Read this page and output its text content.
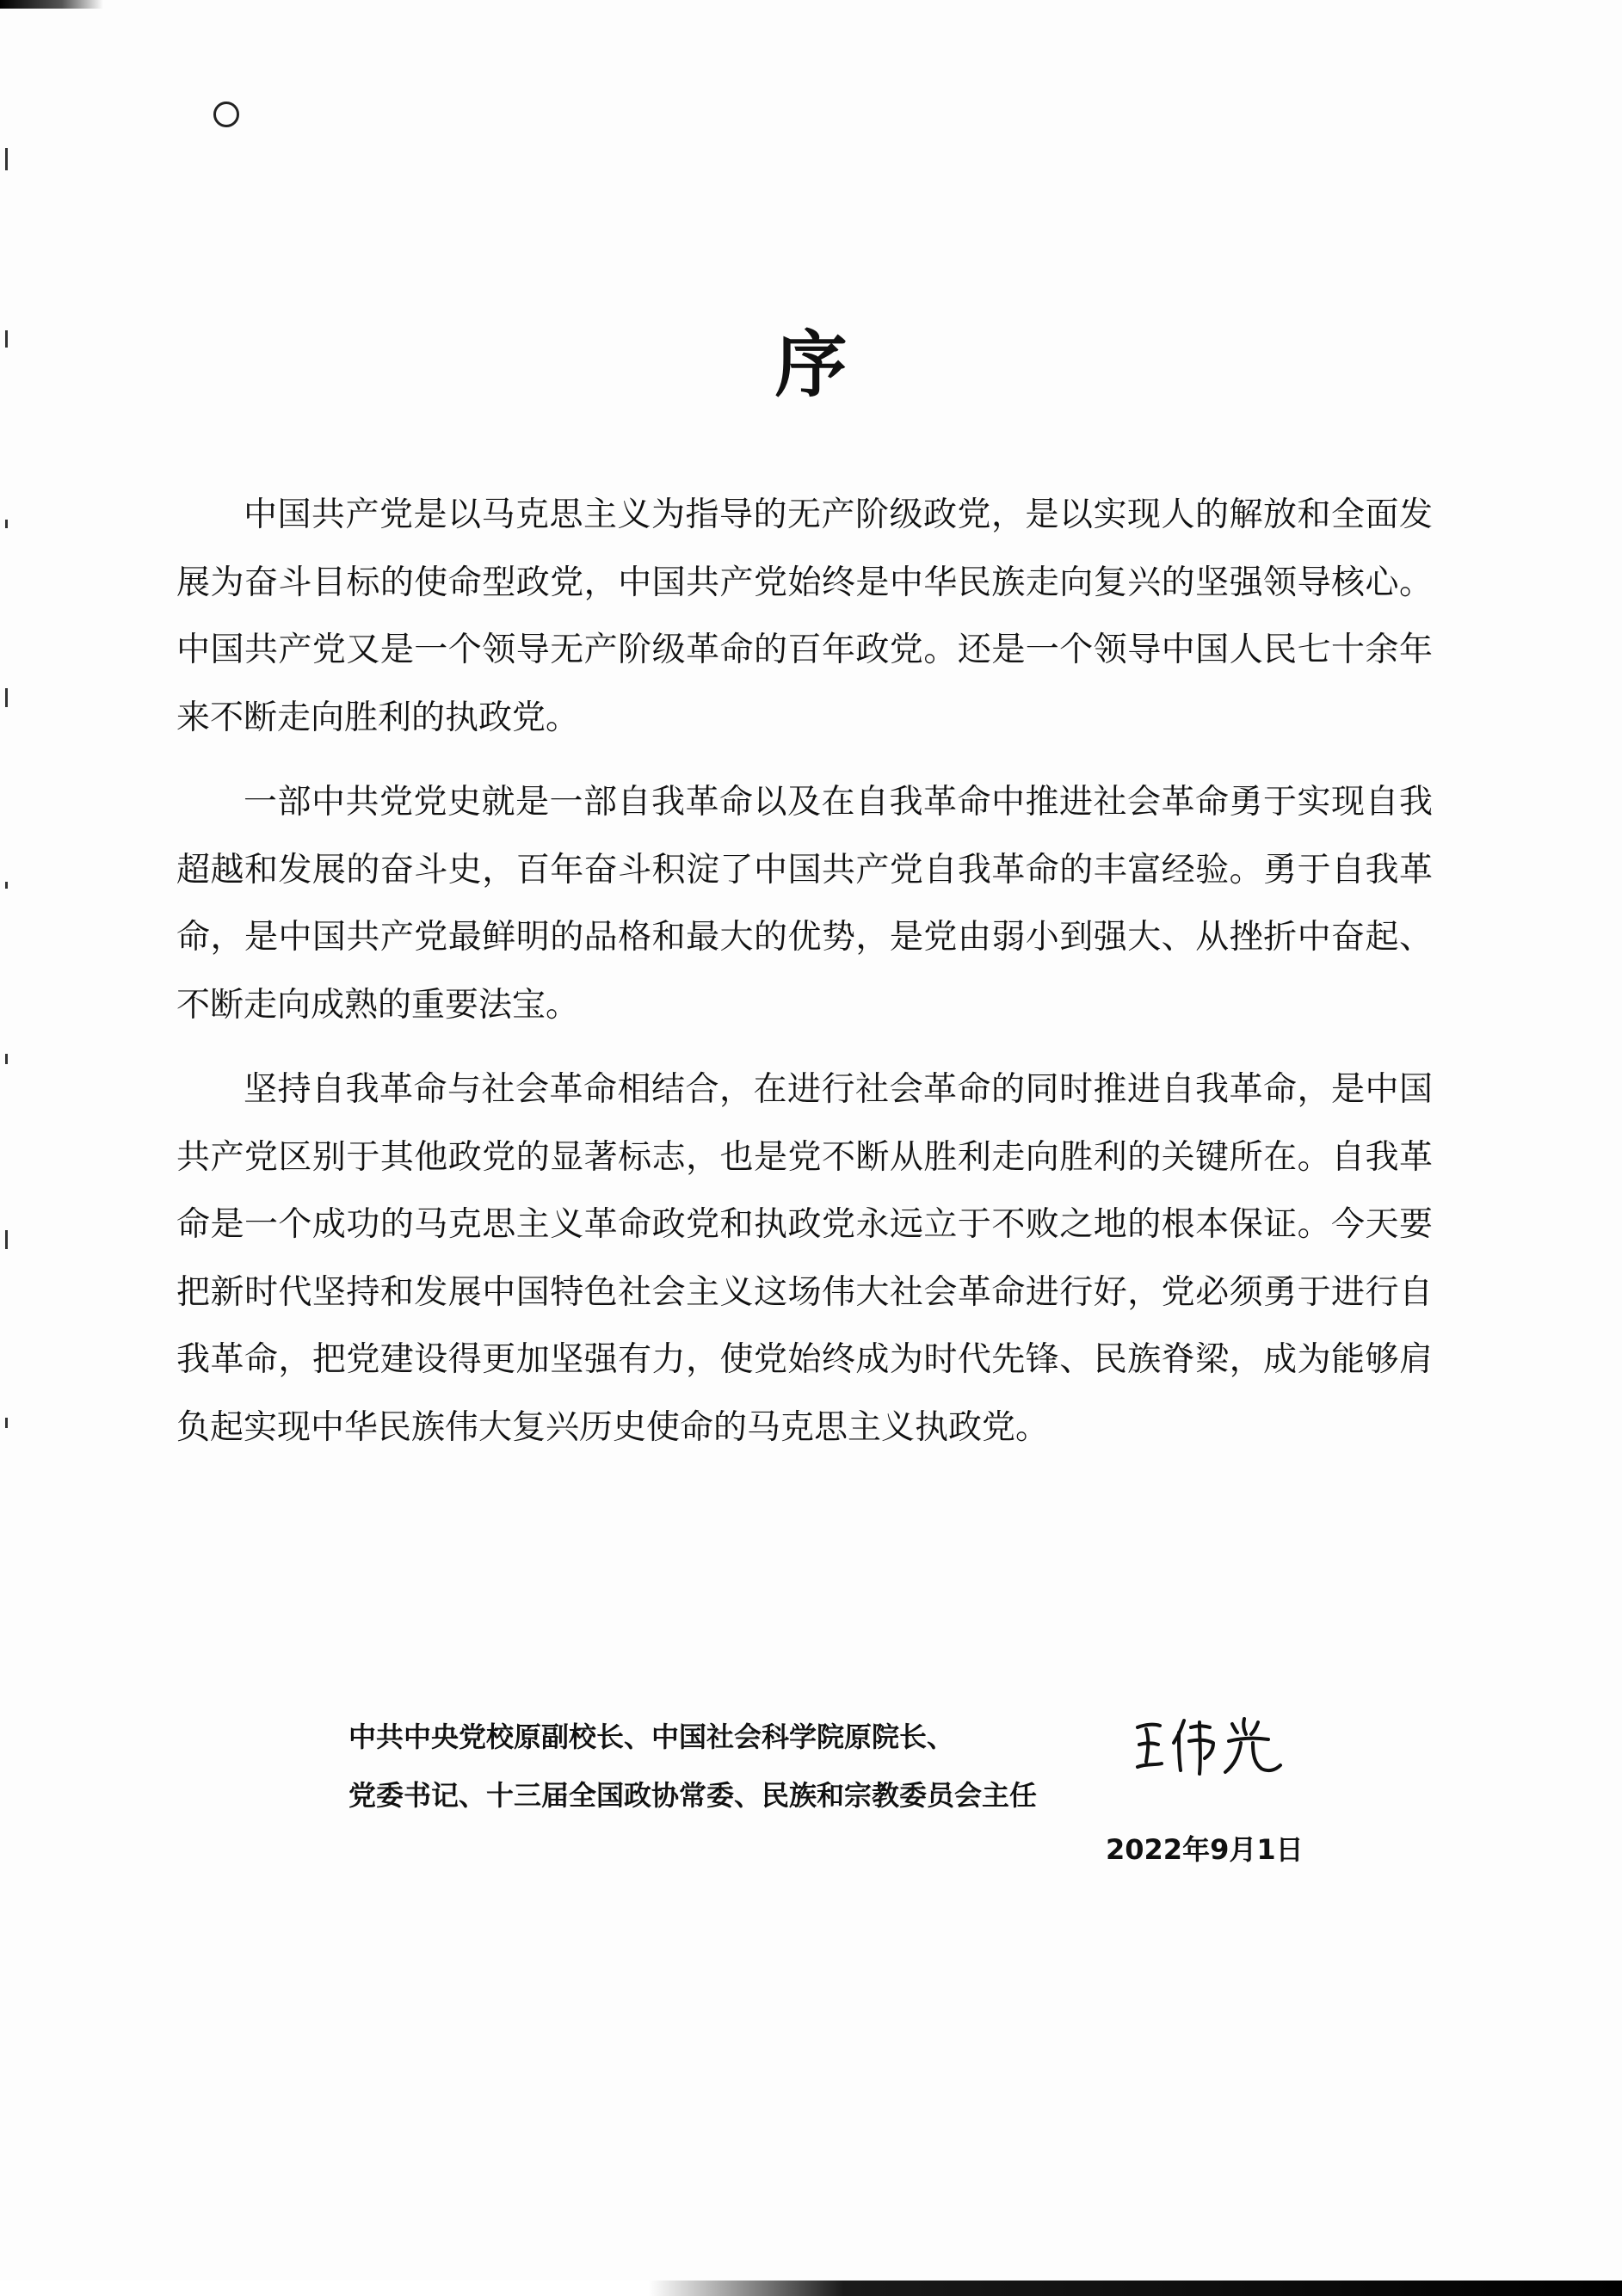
序

中国共产党是以马克思主义为指导的无产阶级政党，是以实现人的解放和全面发展为奋斗目标的使命型政党，中国共产党始终是中华民族走向复兴的坚强领导核心。中国共产党又是一个领导无产阶级革命的百年政党。还是一个领导中国人民七十余年来不断走向胜利的执政党。

一部中共党党史就是一部自我革命以及在自我革命中推进社会革命勇于实现自我超越和发展的奋斗史，百年奋斗积淀了中国共产党自我革命的丰富经验。勇于自我革命，是中国共产党最鲜明的品格和最大的优势，是党由弱小到强大、从挫折中奋起、不断走向成熟的重要法宝。

坚持自我革命与社会革命相结合，在进行社会革命的同时推进自我革命，是中国共产党区别于其他政党的显著标志，也是党不断从胜利走向胜利的关键所在。自我革命是一个成功的马克思主义革命政党和执政党永远立于不败之地的根本保证。今天要把新时代坚持和发展中国特色社会主义这场伟大社会革命进行好，党必须勇于进行自我革命，把党建设得更加坚强有力，使党始终成为时代先锋、民族脊梁，成为能够肩负起实现中华民族伟大复兴历史使命的马克思主义执政党。

中共中央党校原副校长、中国社会科学院原院长、
党委书记、十三届全国政协常委、民族和宗教委员会主任
2022年9月1日
